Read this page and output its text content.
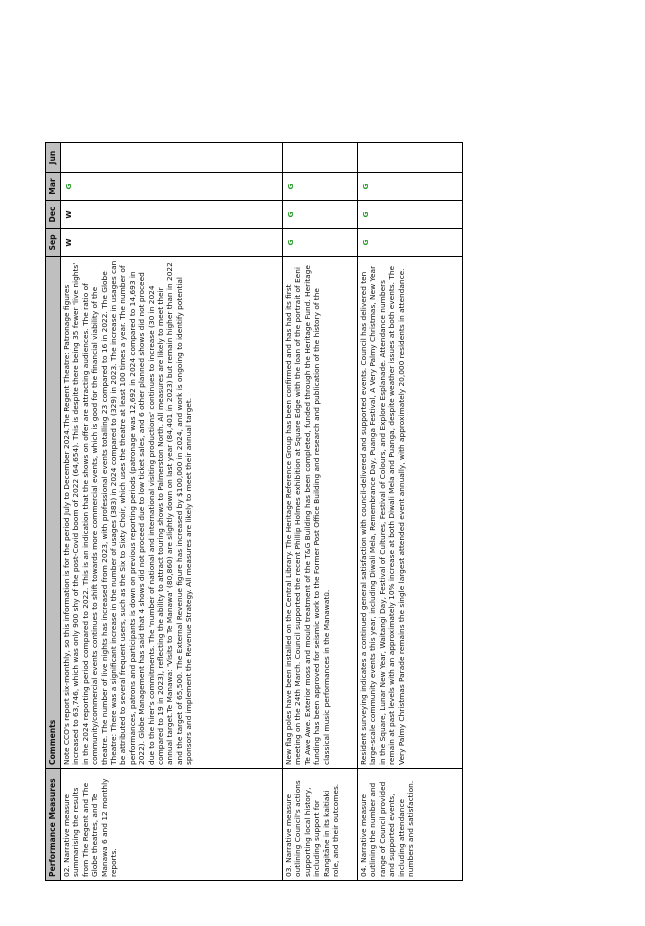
Performance Measures	Comments	Sep	Dec	Mar	Jun
02. Narrative measure summarising the results from The Regent and The Globe theatres, and Te Manawa 6 and 12 monthly reports.	Note CCO's report six-monthly, so this information is for the period July to December 2024.The Regent Theatre: Patronage figures increased to 63,746, which was only 900 shy of the post-Covid boom of 2022 (64,654). This is despite there being 35 fewer 'live nights' in the 2024 reporting period compared to 2022. This is an indication that the shows on offer are attracting audiences. The ratio of community/commercial events continues to shift towards more commercial events, which is good for the financial viability of the theatre. The number of live nights has increased from 2023, with professional events totalling 23 compared to 16 in 2022. The Globe Theatre: There was a significant increase in the number of usages (383) in 2024 compared to (329) in 2023. The increase in usages can be attributed to several frequent users, such as the Six to Sixty Choir, which uses the theatre at least 100 times a year. The number of performances, patrons and participants is down on previous reporting periods (patronage was 12,692 in 2024 compared to 14,693 in 2022). Globe Management has said that 4 shows did not proceed due to low ticket sales, and 6 other planned shows did not proceed due to the hirer's commitments. The 'number of national and international visiting productions' continues to increase (30 in 2024 compared to 19 in 2023), reflecting the ability to attract touring shows to Palmerston North. All measures are likely to meet their annual target.Te Manawa: 'Visits to Te Manawa' (80,860) are slightly down on last year (84,401 in 2023) but remain higher than in 2022 and the target of 65,500. The External Revenue figure has increased by $100,000 in 2024, and work is ongoing to identify potential sponsors and implement the Revenue Strategy. All measures are likely to meet their annual target.	W	W	G	
03. Narrative measure outlining Council's actions supporting local history, including support for Rangitāne in its kaitiaki role, and their outcomes.	New flag poles have been installed on the Central Library. The Heritage Reference Group has been confirmed and has had its first meeting on the 24th March. Council supported the recent Phillip Holmes exhibition at Square Edge with the loan of the portrait of Eeni Te Awe Awe. Exterior moss and mould treatment of the T&G Building has been completed, funded through the Heritage Fund. Heritage funding has been approved for seismic work to the Former Post Office Building and research and publication of the history of the classical music performances in the Manawatū.	G	G	G	
04. Narrative measure outlining the number and range of Council provided and supported events, including attendance numbers and satisfaction.	Resident surveying indicates a continued general satisfaction with council-delivered and supported events. Council has delivered ten large-scale community events this year, including Diwali Mela, Remembrance Day, Puanga Festival, A Very Palmy Christmas, New Year in the Square, Lunar New Year, Waitangi Day, Festival of Cultures, Festival of Colours, and Explore Esplanade. Attendance numbers remain at past levels with an approximately 10% increase at both Diwali Mela and Puanga, despite weather issues at both events. The Very Palmy Christmas Parade remains the single largest attended event annually, with approximately 20,000 residents in attendance.	G	G	G	
